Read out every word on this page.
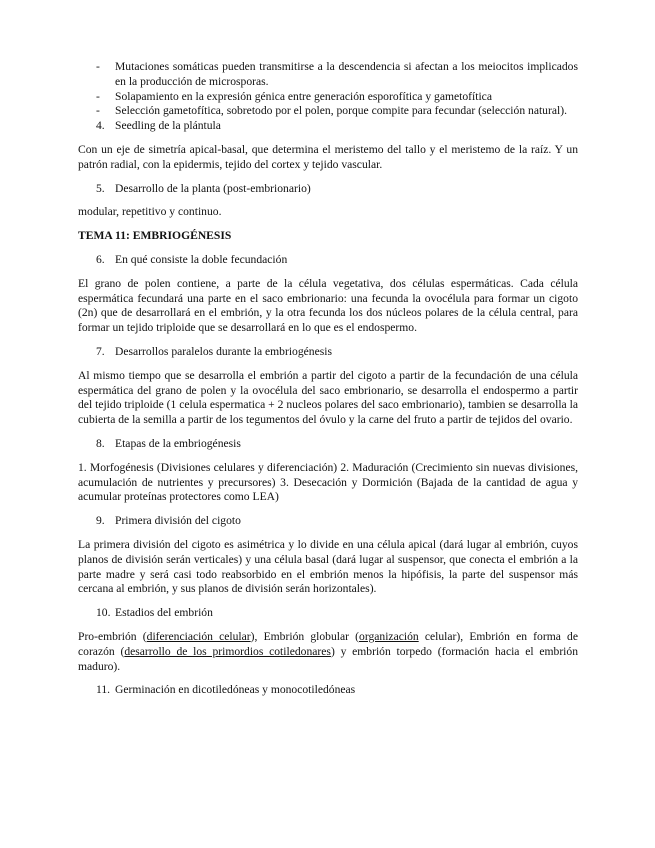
- Mutaciones somáticas pueden transmitirse a la descendencia si afectan a los meiocitos implicados en la producción de microsporas.
- Solapamiento en la expresión génica entre generación esporofítica y gametofítica
- Selección gametofítica, sobretodo por el polen, porque compite para fecundar (selección natural).
4. Seedling de la plántula

Con un eje de simetría apical-basal, que determina el meristemo del tallo y el meristemo de la raíz. Y un patrón radial, con la epidermis, tejido del cortex y tejido vascular.

5. Desarrollo de la planta (post-embrionario)

modular, repetitivo y continuo.

TEMA 11: EMBRIOGÉNESIS

6. En qué consiste la doble fecundación

El grano de polen contiene, a parte de la célula vegetativa, dos células espermáticas. Cada célula espermática fecundará una parte en el saco embrionario: una fecunda la ovocélula para formar un cigoto (2n) que de desarrollará en el embrión, y la otra fecunda los dos núcleos polares de la célula central, para formar un tejido triploide que se desarrollará en lo que es el endospermo.

7. Desarrollos paralelos durante la embriogénesis

Al mismo tiempo que se desarrolla el embrión a partir del cigoto a partir de la fecundación de una célula espermática del grano de polen y la ovocélula del saco embrionario, se desarrolla el endospermo a partir del tejido triploide (1 celula espermatica + 2 nucleos polares del saco embrionario), tambien se desarrolla la cubierta de la semilla a partir de los tegumentos del óvulo y la carne del fruto a partir de tejidos del ovario.

8. Etapas de la embriogénesis

1. Morfogénesis (Divisiones celulares y diferenciación) 2. Maduración (Crecimiento sin nuevas divisiones, acumulación de nutrientes y precursores) 3. Desecación y Dormición (Bajada de la cantidad de agua y acumular proteínas protectores como LEA)

9. Primera división del cigoto

La primera división del cigoto es asimétrica y lo divide en una célula apical (dará lugar al embrión, cuyos planos de división serán verticales) y una célula basal (dará lugar al suspensor, que conecta el embrión a la parte madre y será casi todo reabsorbido en el embrión menos la hipófisis, la parte del suspensor más cercana al embrión, y sus planos de división serán horizontales).

10. Estadios del embrión

Pro-embrión (diferenciación celular), Embrión globular (organización celular), Embrión en forma de corazón (desarrollo de los primordios cotiledonares) y embrión torpedo (formación hacia el embrión maduro).

11. Germinación en dicotiledóneas y monocotiledóneas
